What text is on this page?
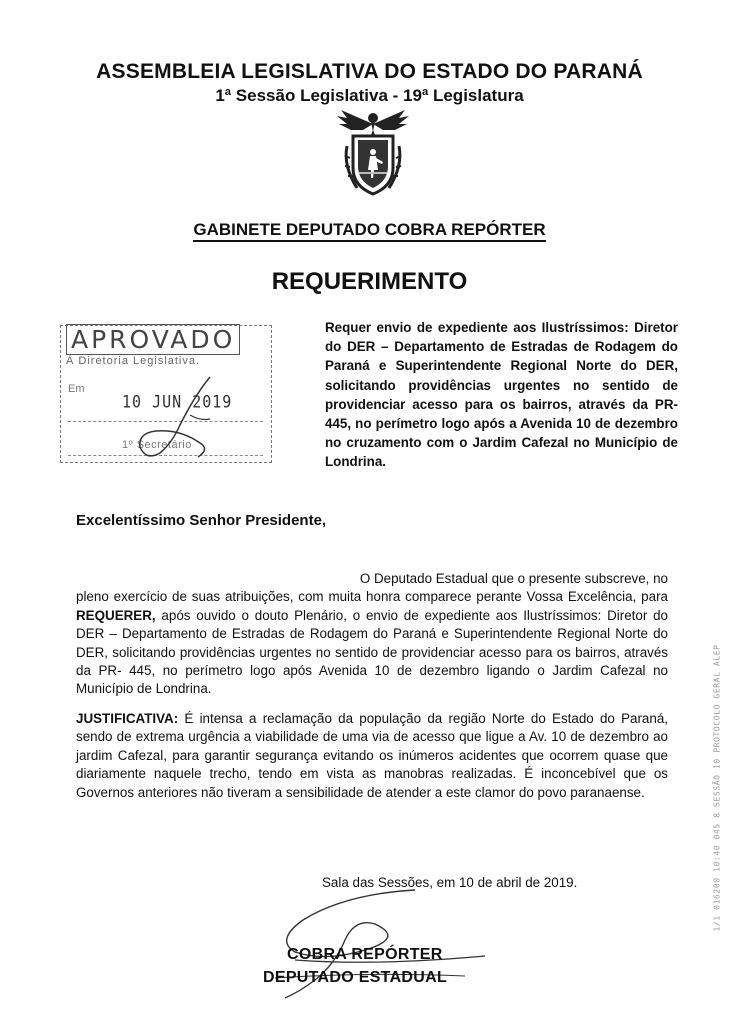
ASSEMBLEIA LEGISLATIVA DO ESTADO DO PARANÁ
1ª Sessão Legislativa - 19ª Legislatura
GABINETE DEPUTADO COBRA REPÓRTER
REQUERIMENTO
APROVADO
À Diretoria Legislativa.
Em
10 JUN 2019
1º Secretário
Requer envio de expediente aos Ilustríssimos: Diretor do DER – Departamento de Estradas de Rodagem do Paraná e Superintendente Regional Norte do DER, solicitando providências urgentes no sentido de providenciar acesso para os bairros, através da PR- 445, no perímetro logo após a Avenida 10 de dezembro no cruzamento com o Jardim Cafezal no Município de Londrina.
Excelentíssimo Senhor Presidente,
O Deputado Estadual que o presente subscreve, no
pleno exercício de suas atribuições, com muita honra comparece perante Vossa Excelência, para REQUERER, após ouvido o douto Plenário, o envio de expediente aos Ilustríssimos: Diretor do DER – Departamento de Estradas de Rodagem do Paraná e Superintendente Regional Norte do DER, solicitando providências urgentes no sentido de providenciar acesso para os bairros, através da PR- 445, no perímetro logo após Avenida 10 de dezembro ligando o Jardim Cafezal no Município de Londrina.
JUSTIFICATIVA: É intensa a reclamação da população da região Norte do Estado do Paraná, sendo de extrema urgência a viabilidade de uma via de acesso que ligue a Av. 10 de dezembro ao jardim Cafezal, para garantir segurança evitando os inúmeros acidentes que ocorrem quase que diariamente naquele trecho, tendo em vista as manobras realizadas. É inconcebível que os Governos anteriores não tiveram a sensibilidade de atender a este clamor do povo paranaense.
Sala das Sessões, em 10 de abril de 2019.
COBRA REPÓRTER
DEPUTADO ESTADUAL
1/1 016200 10:40 045 8 SESSÃO 10 PROTOCOLO GERAL ALEP
